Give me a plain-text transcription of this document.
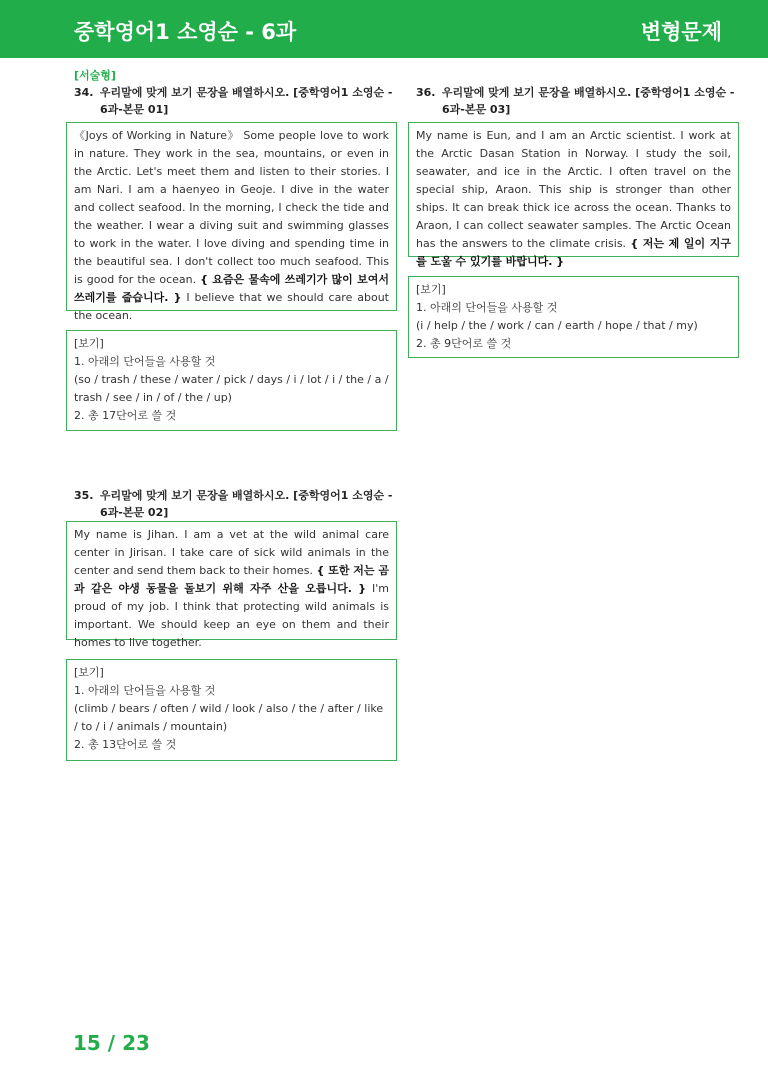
중학영어1 소영순 - 6과	변형문제
[서술형]
34. 우리말에 맞게 보기 문장을 배열하시오. [중학영어1 소영순 -
6과-본문 01]
《Joys of Working in Nature》 Some people love to work in nature. They work in the sea, mountains, or even in the Arctic. Let's meet them and listen to their stories. I am Nari. I am a haenyeo in Geoje. I dive in the water and collect seafood. In the morning, I check the tide and the weather. I wear a diving suit and swimming glasses to work in the water. I love diving and spending time in the beautiful sea. I don't collect too much seafood. This is good for the ocean. { 요즘은 물속에 쓰레기가 많이 보여서 쓰레기를 줍습니다. } I believe that we should care about the ocean.
[보기]
1. 아래의 단어들을 사용할 것
(so / trash / these / water / pick / days / i / lot / i / the / a / trash / see / in / of / the / up)
2. 총 17단어로 쓸 것
35. 우리말에 맞게 보기 문장을 배열하시오. [중학영어1 소영순 -
6과-본문 02]
My name is Jihan. I am a vet at the wild animal care center in Jirisan. I take care of sick wild animals in the center and send them back to their homes. { 또한 저는 곰과 같은 야생 동물을 돌보기 위해 자주 산을 오릅니다. } I'm proud of my job. I think that protecting wild animals is important. We should keep an eye on them and their homes to live together.
[보기]
1. 아래의 단어들을 사용할 것
(climb / bears / often / wild / look / also / the / after / like / to / i / animals / mountain)
2. 총 13단어로 쓸 것
36. 우리말에 맞게 보기 문장을 배열하시오. [중학영어1 소영순 -
6과-본문 03]
My name is Eun, and I am an Arctic scientist. I work at the Arctic Dasan Station in Norway. I study the soil, seawater, and ice in the Arctic. I often travel on the special ship, Araon. This ship is stronger than other ships. It can break thick ice across the ocean. Thanks to Araon, I can collect seawater samples. The Arctic Ocean has the answers to the climate crisis. { 저는 제 일이 지구를 도울 수 있기를 바랍니다. }
[보기]
1. 아래의 단어들을 사용할 것
(i / help / the / work / can / earth / hope / that / my)
2. 총 9단어로 쓸 것
15 / 23
